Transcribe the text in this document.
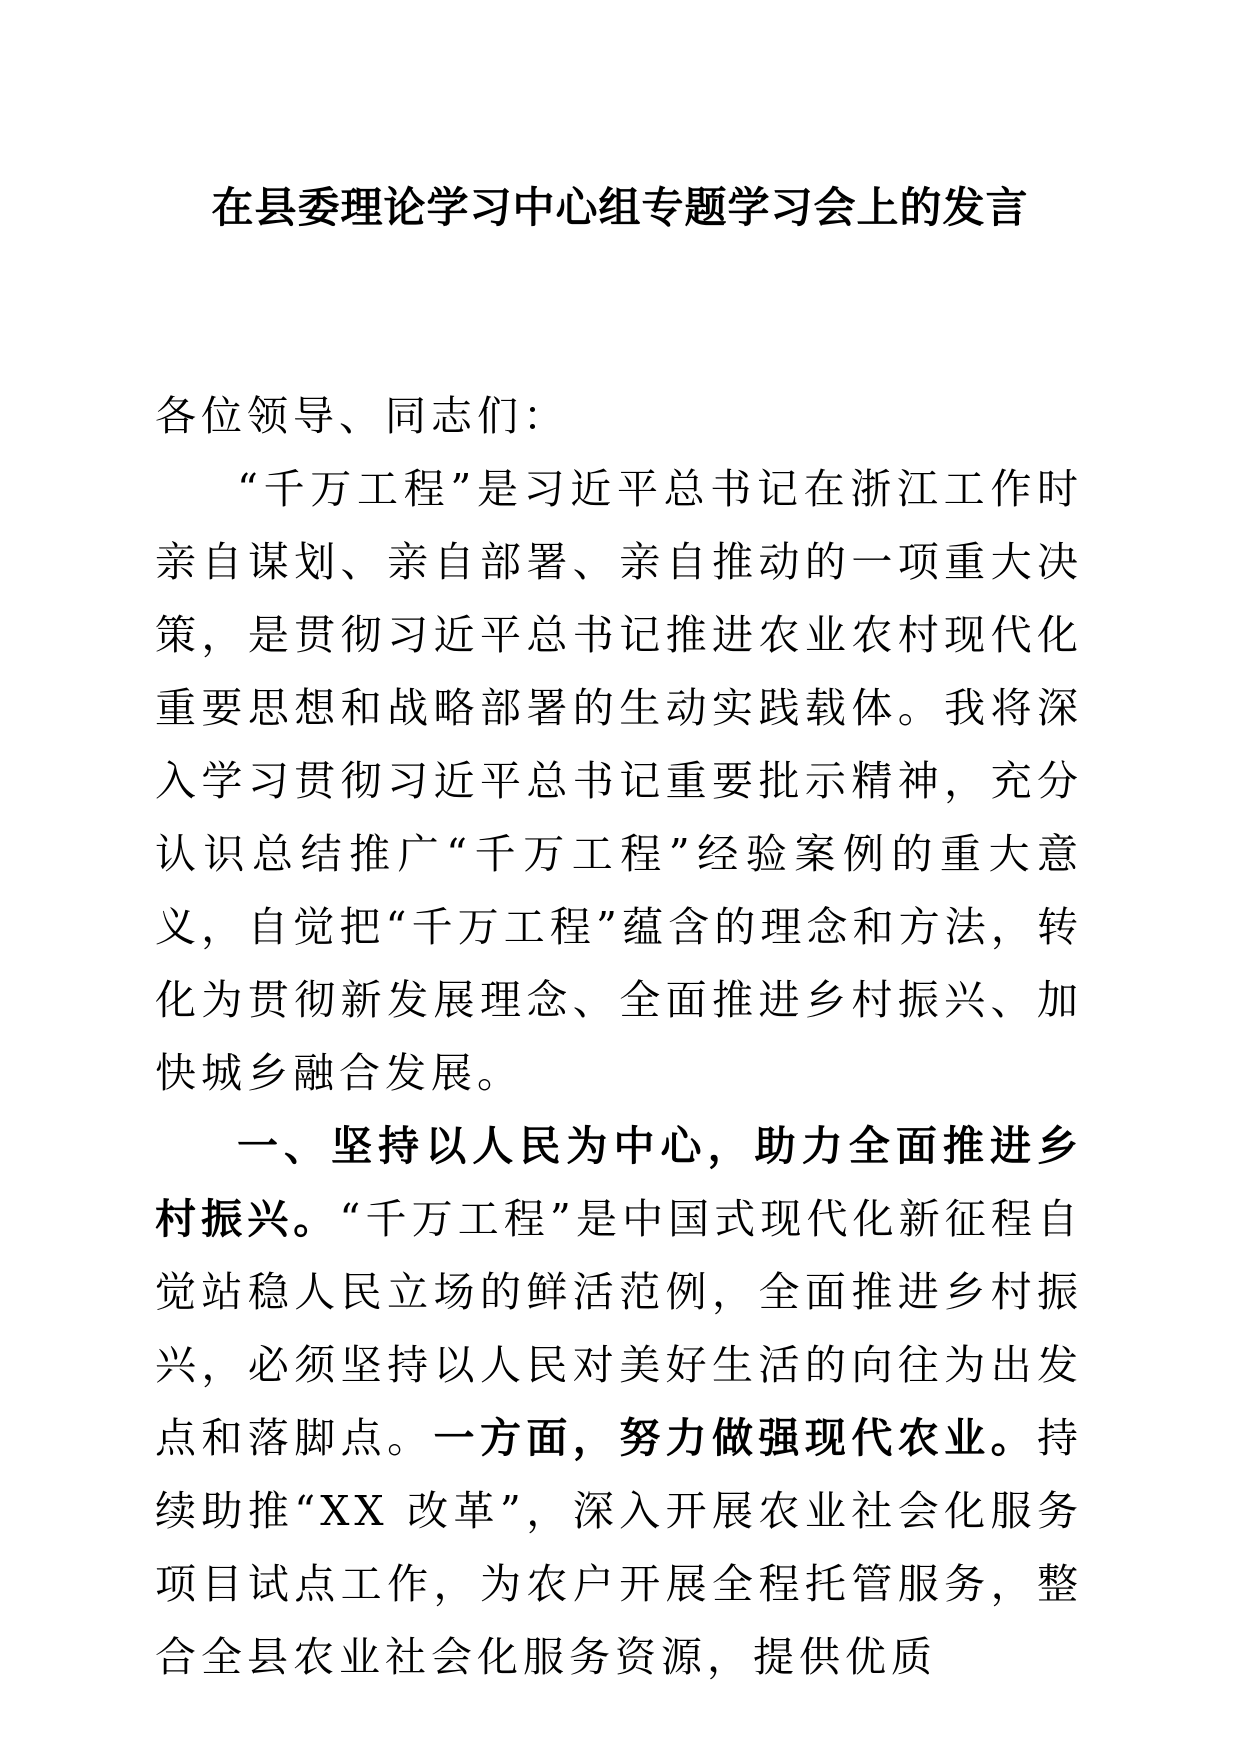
在县委理论学习中心组专题学习会上的发言

各位领导、同志们：

“千万工程”是习近平总书记在浙江工作时亲自谋划、亲自部署、亲自推动的一项重大决策，是贯彻习近平总书记推进农业农村现代化重要思想和战略部署的生动实践载体。我将深入学习贯彻习近平总书记重要批示精神，充分认识总结推广“千万工程”经验案例的重大意义，自觉把“千万工程”蕴含的理念和方法，转化为贯彻新发展理念、全面推进乡村振兴、加快城乡融合发展。

一、坚持以人民为中心，助力全面推进乡村振兴。“千万工程”是中国式现代化新征程自觉站稳人民立场的鲜活范例，全面推进乡村振兴，必须坚持以人民对美好生活的向往为出发点和落脚点。一方面，努力做强现代农业。持续助推“XX 改革”，深入开展农业社会化服务项目试点工作，为农户开展全程托管服务，整合全县农业社会化服务资源，提供优质
